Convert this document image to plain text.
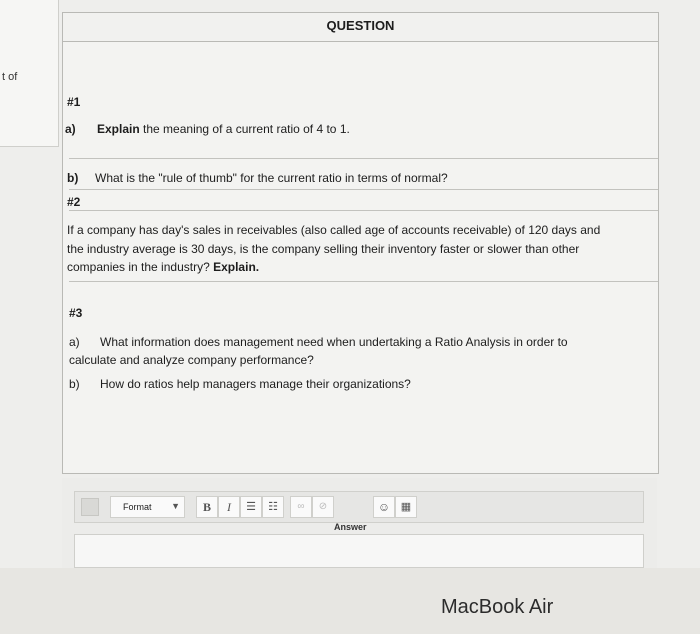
t of
QUESTION
#1
a) Explain the meaning of a current ratio of 4 to 1.
b) What is the "rule of thumb" for the current ratio in terms of normal?
#2
If a company has day's sales in receivables (also called age of accounts receivable) of 120 days and
the industry average is 30 days, is the company selling their inventory faster or slower than other
companies in the industry? Explain.
#3
a) What information does management need when undertaking a Ratio Analysis in order to
calculate and analyze company performance?
b) How do ratios help managers manage their organizations?
Format ▼	B	I	☰	☷	∞	⊘	☺ ▦
Answer
MacBook Air
